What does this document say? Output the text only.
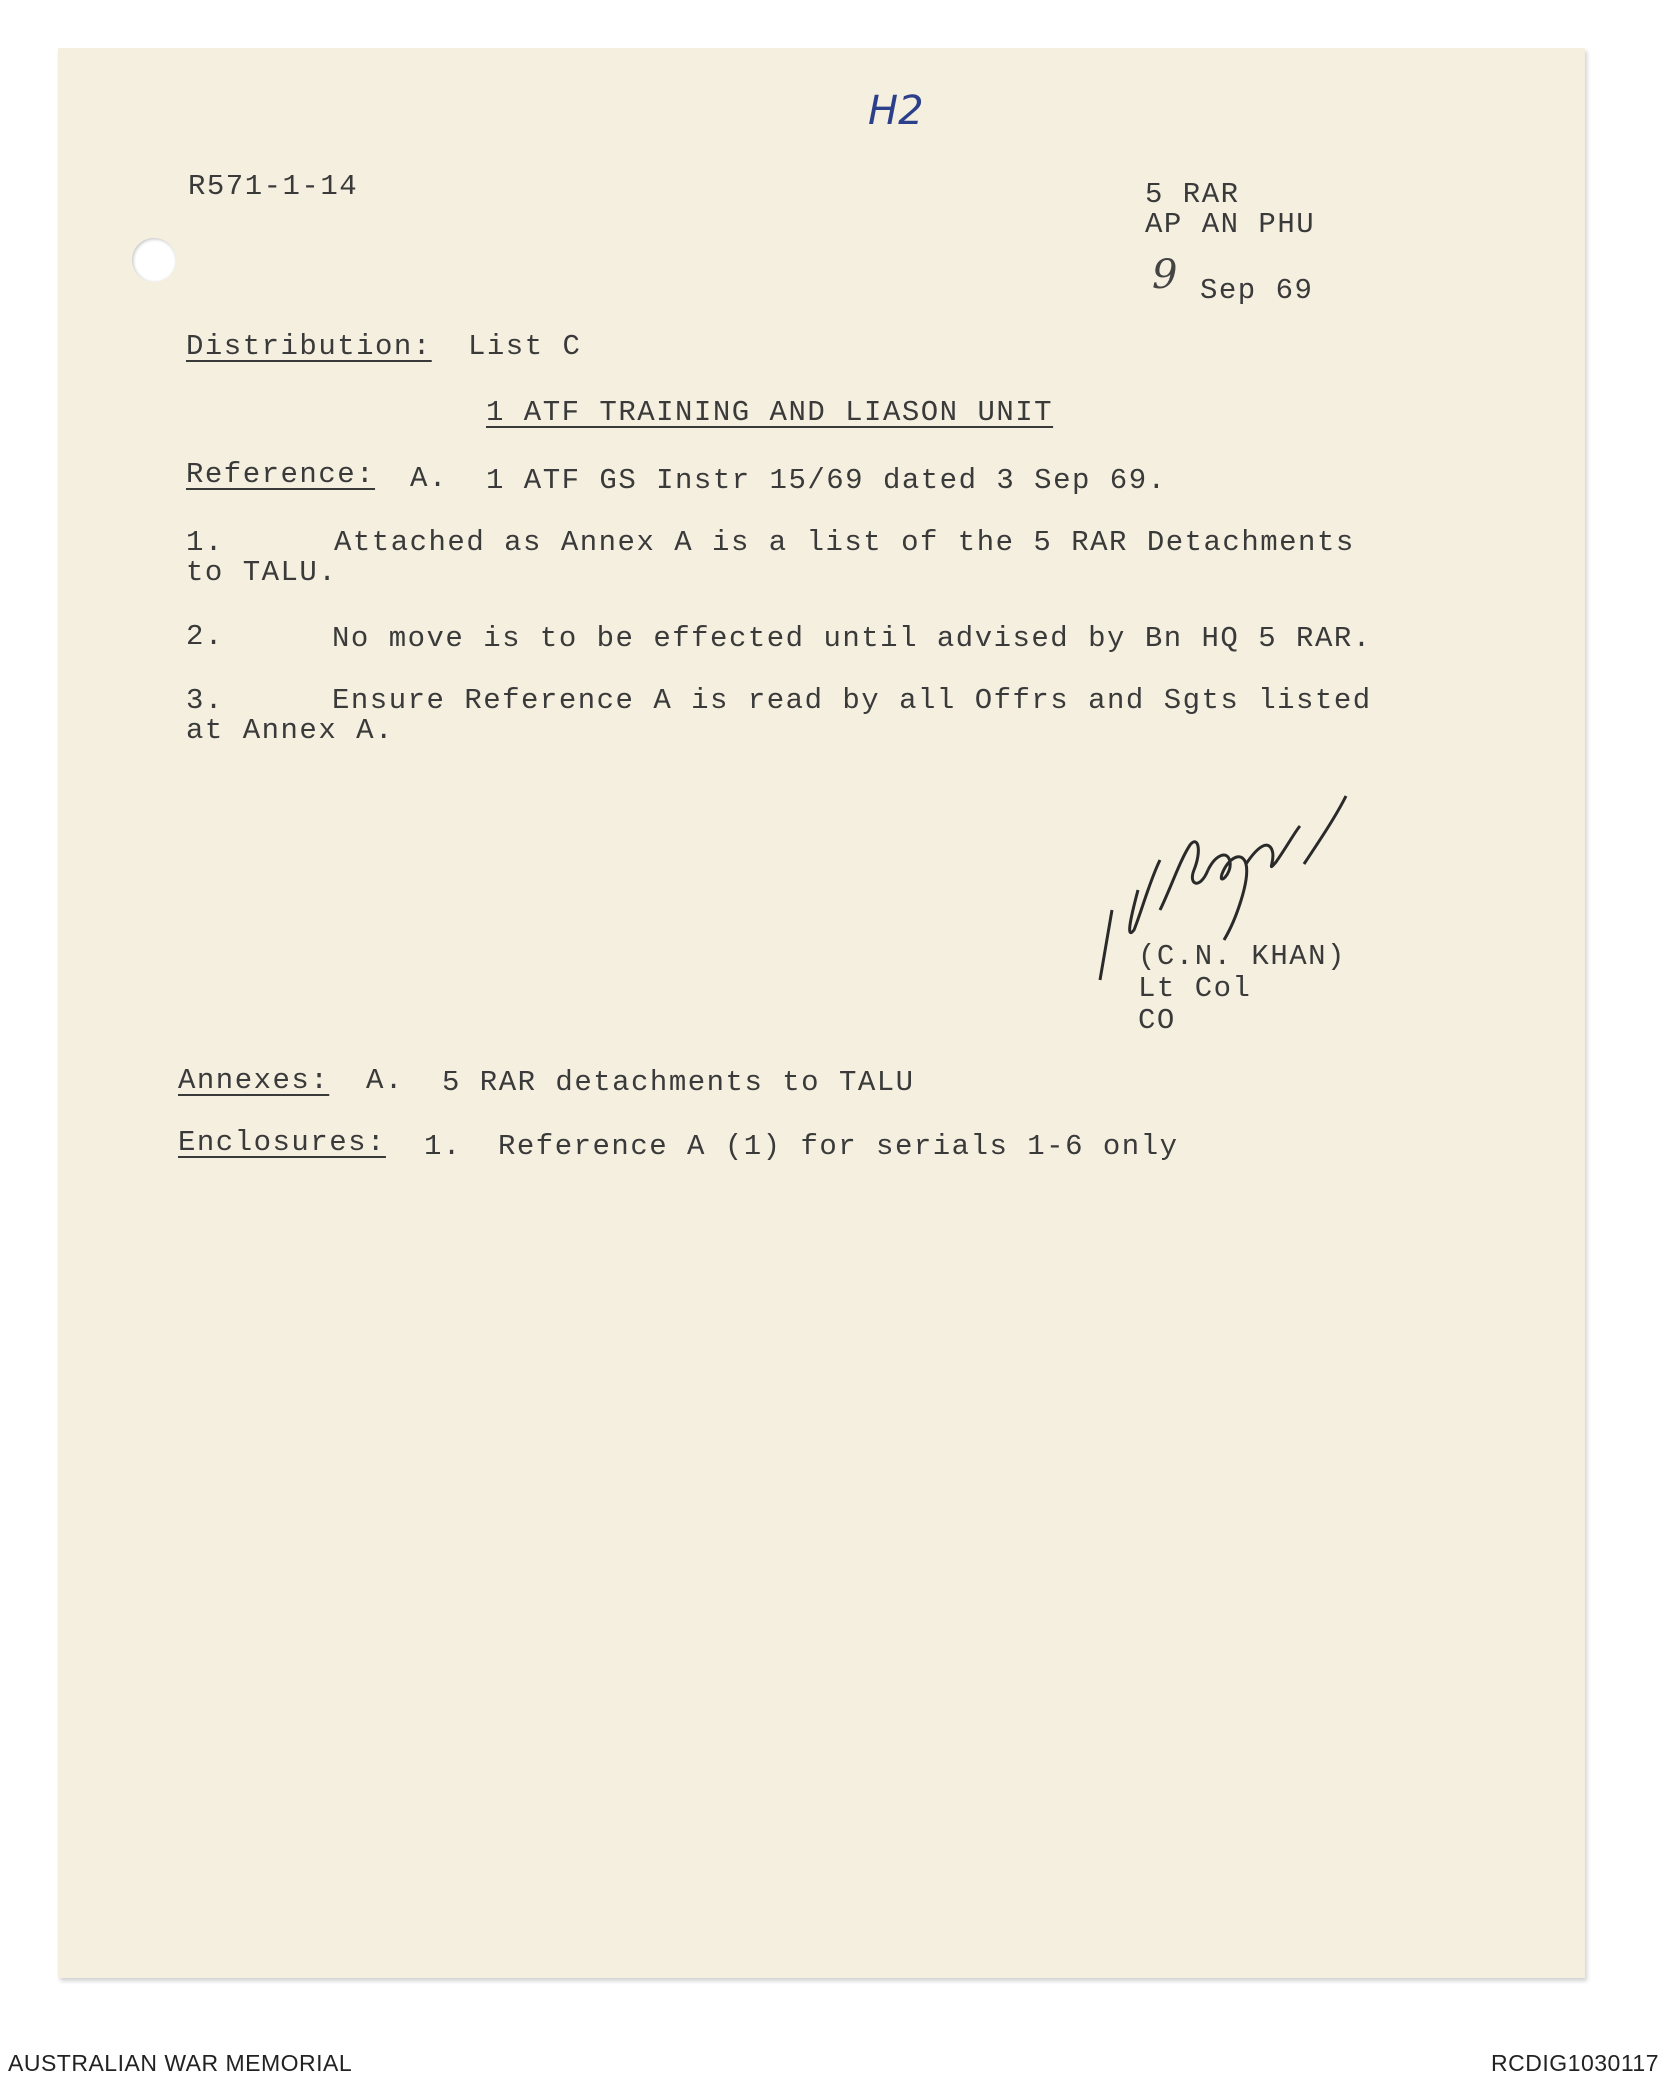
H2
R571-1-14	5 RAR
AP AN PHU
9 Sep 69
Distribution: List C
1 ATF TRAINING AND LIASON UNIT
Reference: A. 1 ATF GS Instr 15/69 dated 3 Sep 69.
1.	Attached as Annex A is a list of the 5 RAR Detachments
to TALU.
2.	No move is to be effected until advised by Bn HQ 5 RAR.
3.	Ensure Reference A is read by all Offrs and Sgts listed
at Annex A.
(C.N. KHAN)
Lt Col
CO
Annexes: A. 5 RAR detachments to TALU
Enclosures: 1. Reference A (1) for serials 1-6 only
AUSTRALIAN WAR MEMORIAL	RCDIG1030117
